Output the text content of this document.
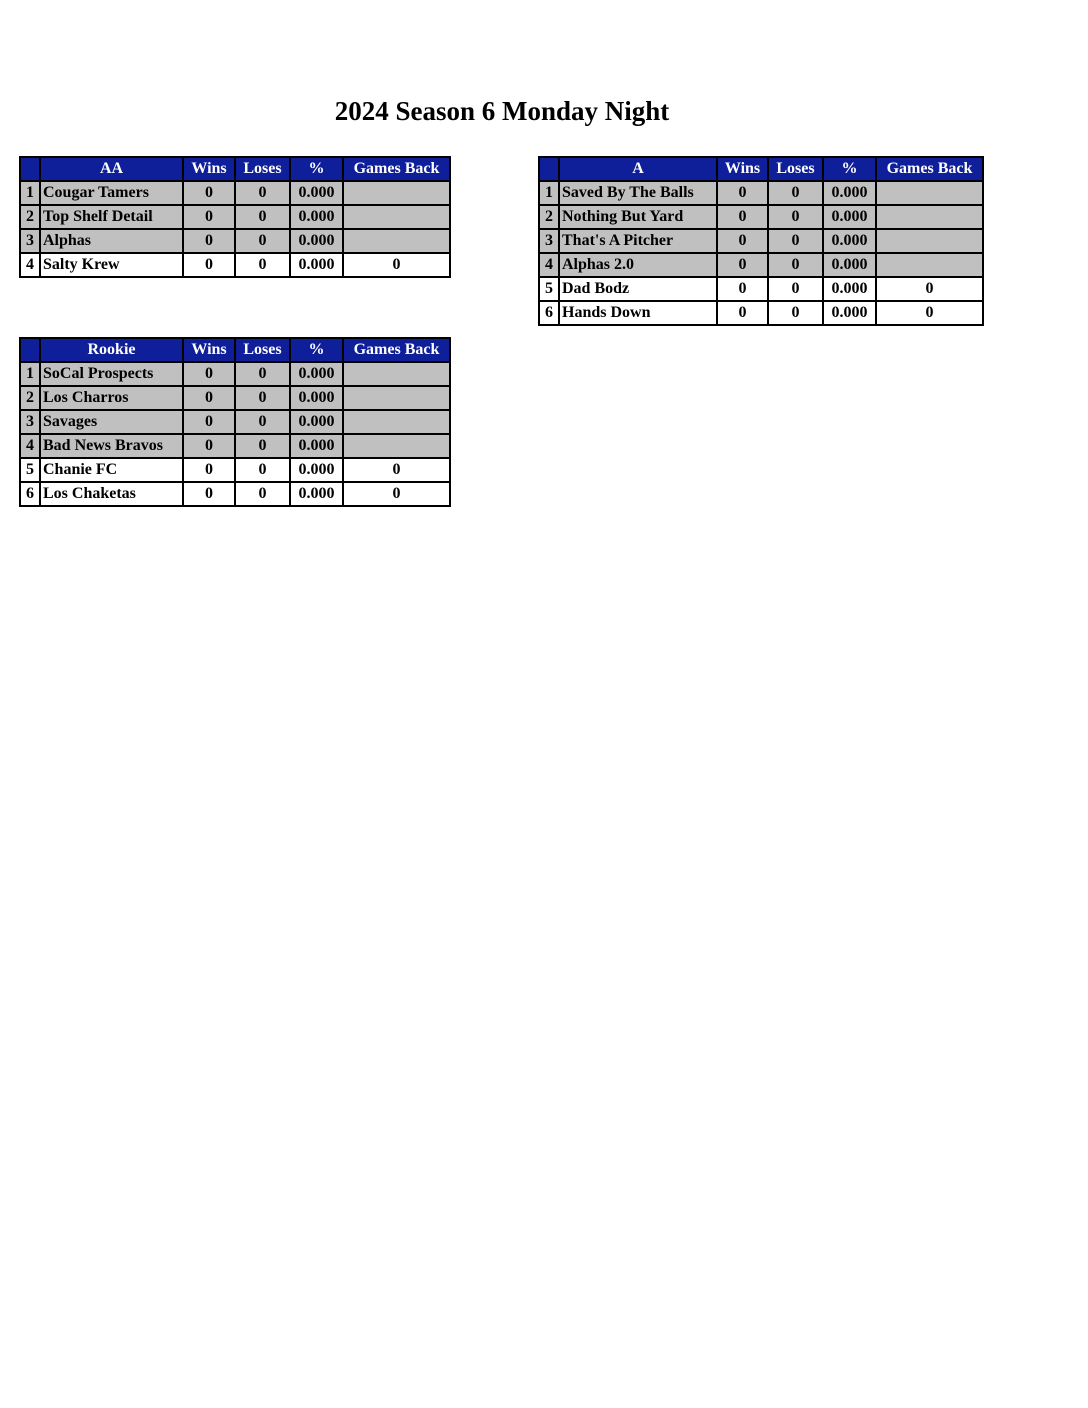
2024 Season 6 Monday Night
	AA	Wins	Loses	%	Games Back
1	Cougar Tamers	0	0	0.000	
2	Top Shelf Detail	0	0	0.000	
3	Alphas	0	0	0.000	
4	Salty Krew	0	0	0.000	0
	A	Wins	Loses	%	Games Back
1	Saved By The Balls	0	0	0.000	
2	Nothing But Yard	0	0	0.000	
3	That's A Pitcher	0	0	0.000	
4	Alphas 2.0	0	0	0.000	
5	Dad Bodz	0	0	0.000	0
6	Hands Down	0	0	0.000	0
	Rookie	Wins	Loses	%	Games Back
1	SoCal Prospects	0	0	0.000	
2	Los Charros	0	0	0.000	
3	Savages	0	0	0.000	
4	Bad News Bravos	0	0	0.000	
5	Chanie FC	0	0	0.000	0
6	Los Chaketas	0	0	0.000	0
